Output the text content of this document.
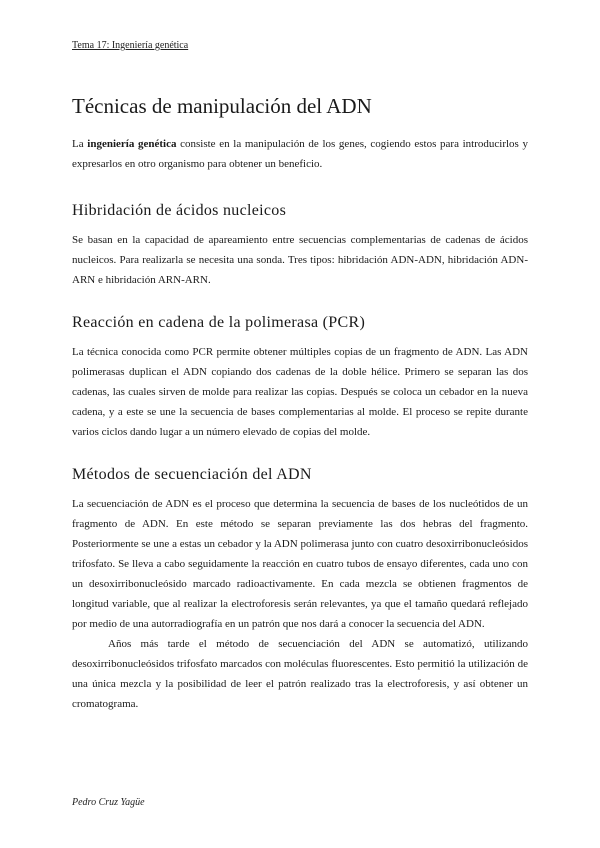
Tema 17: Ingeniería genética
Técnicas de manipulación del ADN

La ingeniería genética consiste en la manipulación de los genes, cogiendo estos para introducirlos y expresarlos en otro organismo para obtener un beneficio.

Hibridación de ácidos nucleicos

Se basan en la capacidad de apareamiento entre secuencias complementarias de cadenas de ácidos nucleicos. Para realizarla se necesita una sonda. Tres tipos: hibridación ADN-ADN, hibridación ADN-ARN e hibridación ARN-ARN.

Reacción en cadena de la polimerasa (PCR)

La técnica conocida como PCR permite obtener múltiples copias de un fragmento de ADN. Las ADN polimerasas duplican el ADN copiando dos cadenas de la doble hélice. Primero se separan las dos cadenas, las cuales sirven de molde para realizar las copias. Después se coloca un cebador en la nueva cadena, y a este se une la secuencia de bases complementarias al molde. El proceso se repite durante varios ciclos dando lugar a un número elevado de copias del molde.

Métodos de secuenciación del ADN

La secuenciación de ADN es el proceso que determina la secuencia de bases de los nucleótidos de un fragmento de ADN. En este método se separan previamente las dos hebras del fragmento. Posteriormente se une a estas un cebador y la ADN polimerasa junto con cuatro desoxirribonucleósidos trifosfato. Se lleva a cabo seguidamente la reacción en cuatro tubos de ensayo diferentes, cada uno con un desoxirribonucleósido marcado radioactivamente. En cada mezcla se obtienen fragmentos de longitud variable, que al realizar la electroforesis serán relevantes, ya que el tamaño quedará reflejado por medio de una autorradiografía en un patrón que nos dará a conocer la secuencia del ADN.

Años más tarde el método de secuenciación del ADN se automatizó, utilizando desoxirribonucleósidos trifosfato marcados con moléculas fluorescentes. Esto permitió la utilización de una única mezcla y la posibilidad de leer el patrón realizado tras la electroforesis, y así obtener un cromatograma.

Pedro Cruz Yagüe
